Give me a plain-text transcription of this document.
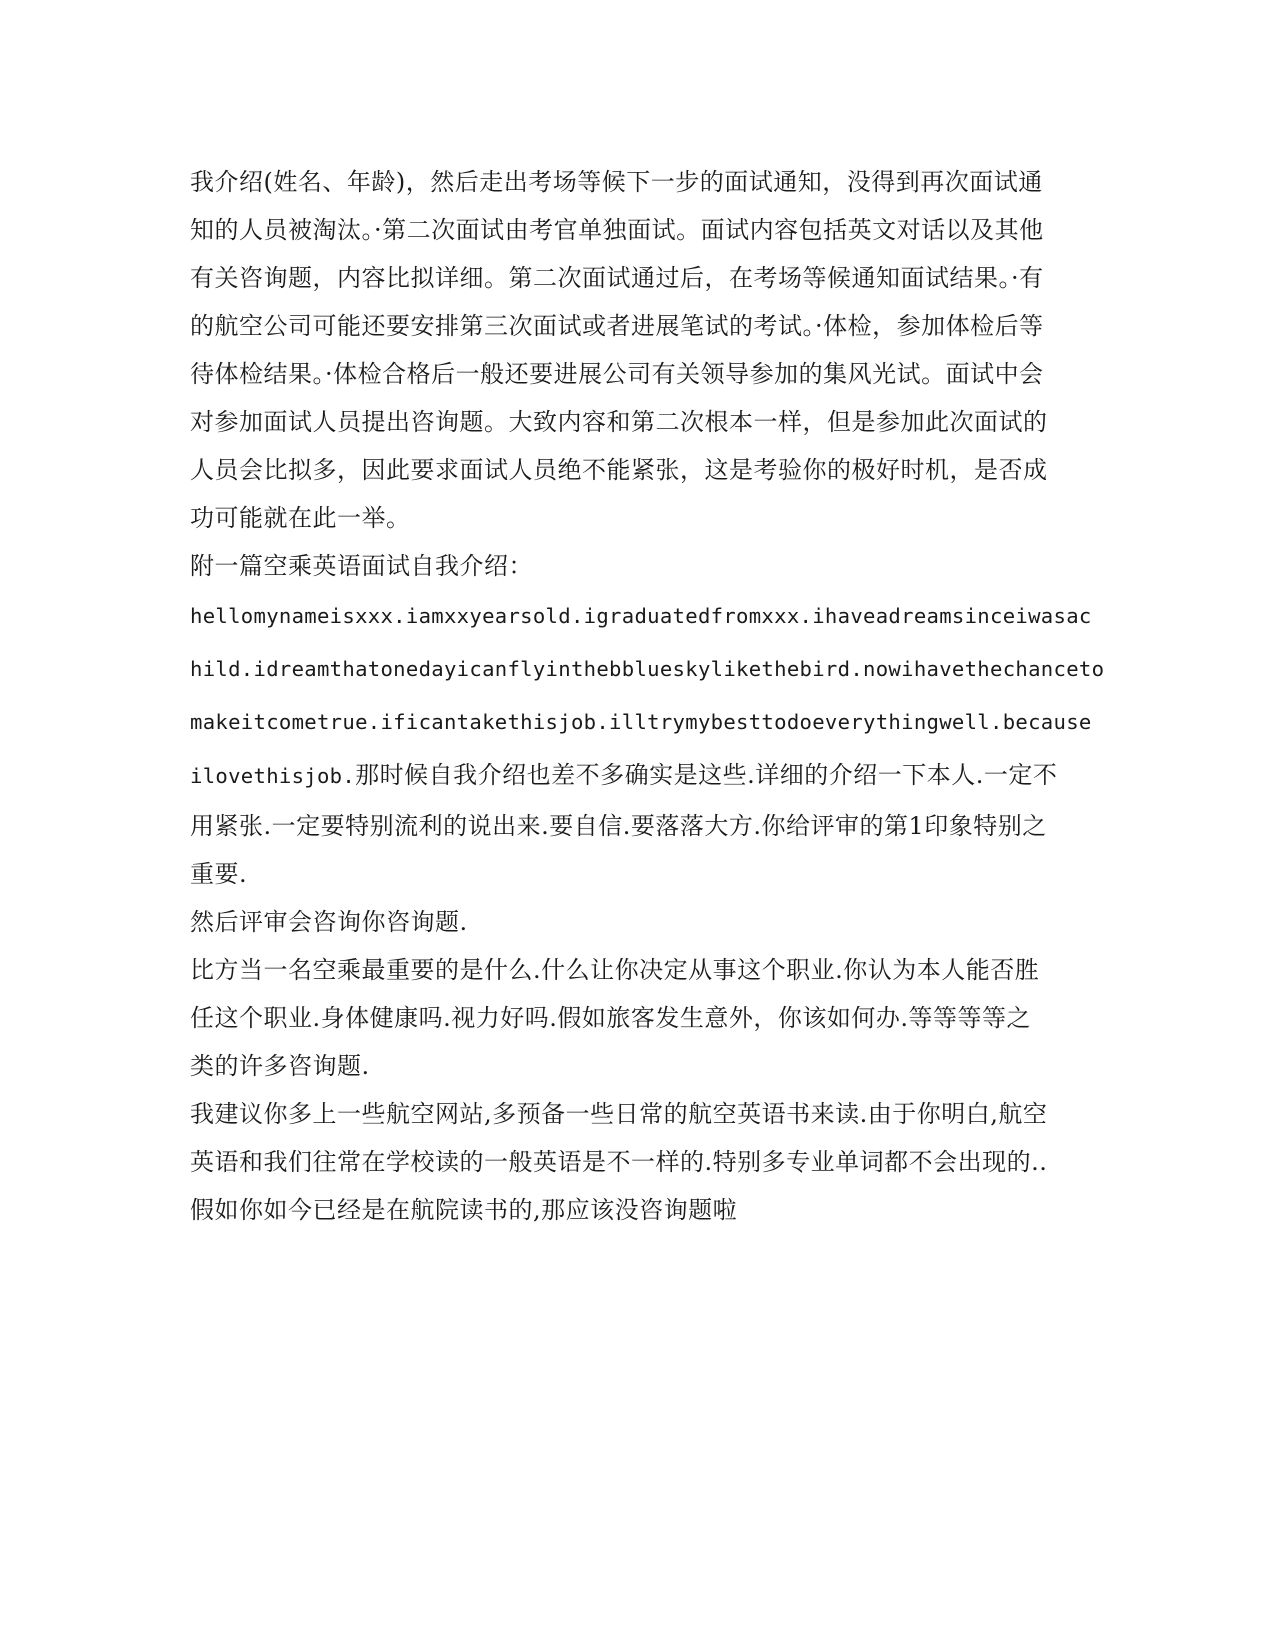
我介绍(姓名、年龄)，然后走出考场等候下一步的面试通知，没得到再次面试通
知的人员被淘汰。·第二次面试由考官单独面试。面试内容包括英文对话以及其他
有关咨询题，内容比拟详细。第二次面试通过后，在考场等候通知面试结果。·有
的航空公司可能还要安排第三次面试或者进展笔试的考试。·体检，参加体检后等
待体检结果。·体检合格后一般还要进展公司有关领导参加的集风光试。面试中会
对参加面试人员提出咨询题。大致内容和第二次根本一样，但是参加此次面试的
人员会比拟多，因此要求面试人员绝不能紧张，这是考验你的极好时机，是否成
功可能就在此一举。
附一篇空乘英语面试自我介绍：
hellomynameisxxx.iamxxyearsold.igraduatedfromxxx.ihaveadreamsinceiwasac
hild.idreamthatonedayicanflyinthebblueskylikethebird.nowihavethechanceto
makeitcometrue.ificantakethisjob.illtrymybesttodoeverythingwell.because
ilovethisjob.那时候自我介绍也差不多确实是这些.详细的介绍一下本人.一定不
用紧张.一定要特别流利的说出来.要自信.要落落大方.你给评审的第1印象特别之
重要.
然后评审会咨询你咨询题.
比方当一名空乘最重要的是什么.什么让你决定从事这个职业.你认为本人能否胜
任这个职业.身体健康吗.视力好吗.假如旅客发生意外，你该如何办.等等等等之
类的许多咨询题.
我建议你多上一些航空网站,多预备一些日常的航空英语书来读.由于你明白,航空
英语和我们往常在学校读的一般英语是不一样的.特别多专业单词都不会出现的..
假如你如今已经是在航院读书的,那应该没咨询题啦
